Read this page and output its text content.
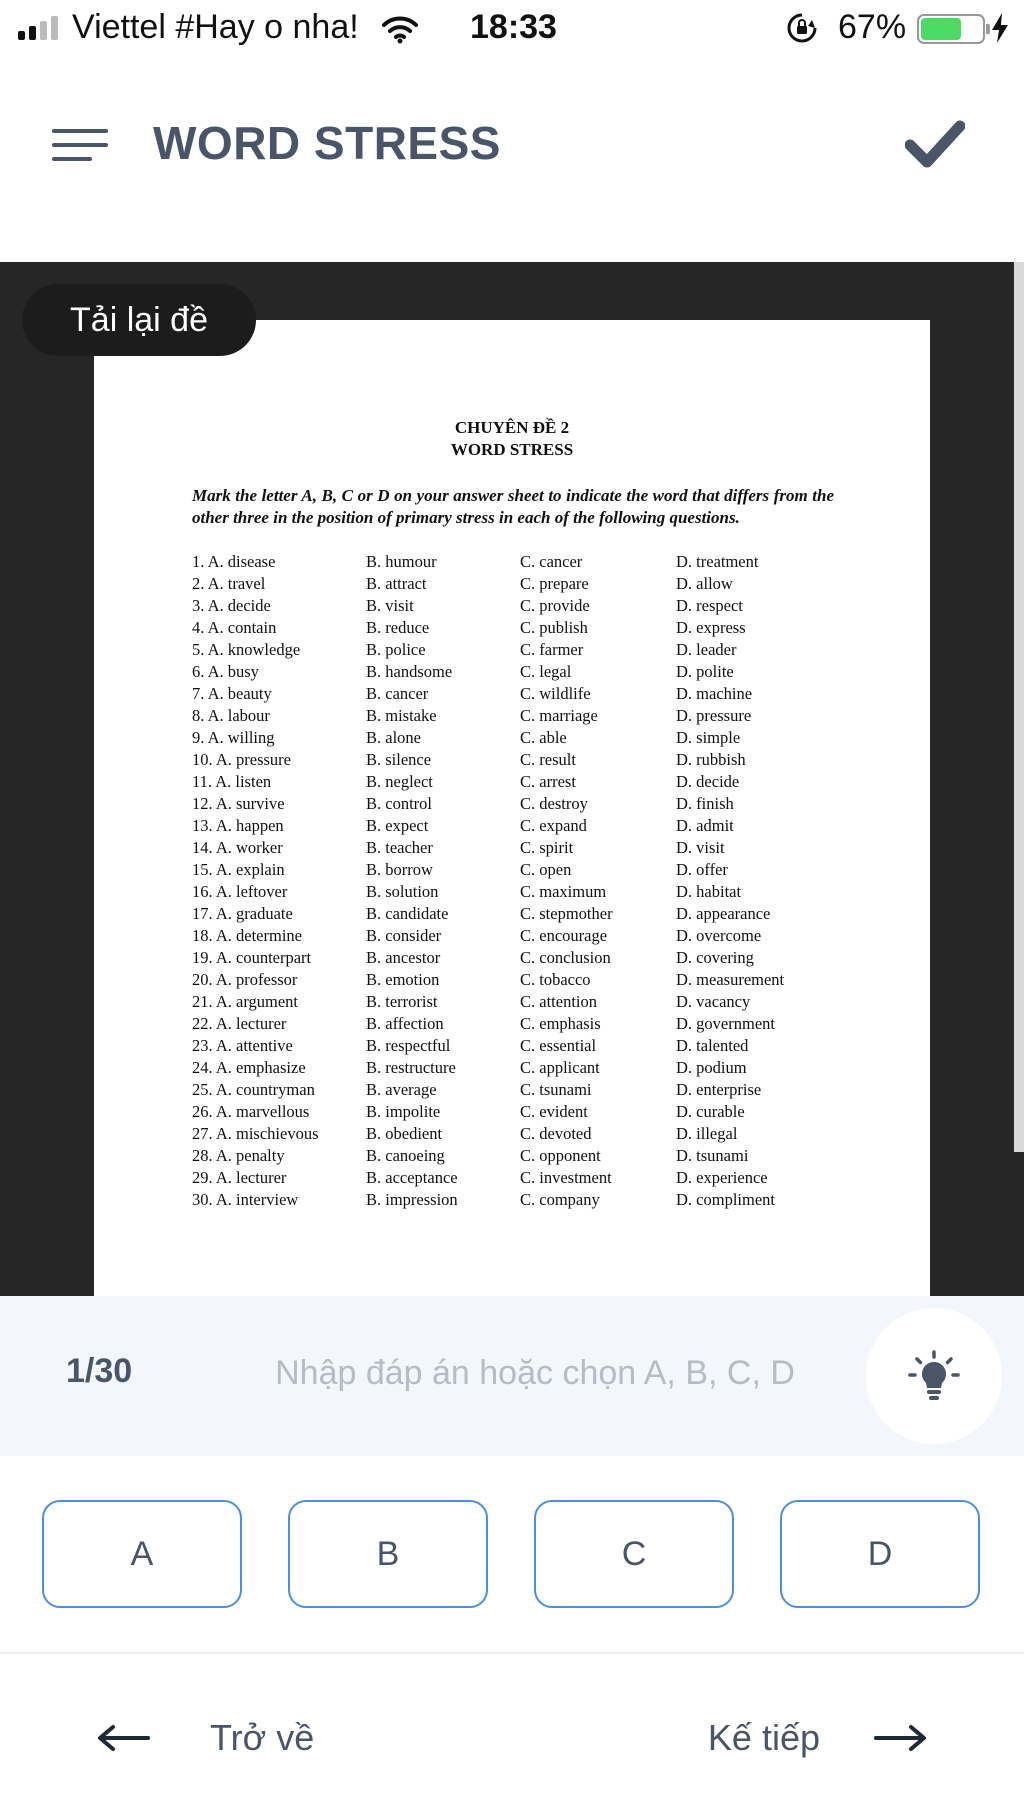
Viettel #Hay o nha!	18:33	67%
WORD STRESS
CHUYÊN ĐỀ 2
WORD STRESS
Mark the letter A, B, C or D on your answer sheet to indicate the word that differs from the other three in the position of primary stress in each of the following questions.
1. A. disease	B. humour	C. cancer	D. treatment
2. A. travel	B. attract	C. prepare	D. allow
3. A. decide	B. visit	C. provide	D. respect
4. A. contain	B. reduce	C. publish	D. express
5. A. knowledge	B. police	C. farmer	D. leader
6. A. busy	B. handsome	C. legal	D. polite
7. A. beauty	B. cancer	C. wildlife	D. machine
8. A. labour	B. mistake	C. marriage	D. pressure
9. A. willing	B. alone	C. able	D. simple
10. A. pressure	B. silence	C. result	D. rubbish
11. A. listen	B. neglect	C. arrest	D. decide
12. A. survive	B. control	C. destroy	D. finish
13. A. happen	B. expect	C. expand	D. admit
14. A. worker	B. teacher	C. spirit	D. visit
15. A. explain	B. borrow	C. open	D. offer
16. A. leftover	B. solution	C. maximum	D. habitat
17. A. graduate	B. candidate	C. stepmother	D. appearance
18. A. determine	B. consider	C. encourage	D. overcome
19. A. counterpart	B. ancestor	C. conclusion	D. covering
20. A. professor	B. emotion	C. tobacco	D. measurement
21. A. argument	B. terrorist	C. attention	D. vacancy
22. A. lecturer	B. affection	C. emphasis	D. government
23. A. attentive	B. respectful	C. essential	D. talented
24. A. emphasize	B. restructure	C. applicant	D. podium
25. A. countryman	B. average	C. tsunami	D. enterprise
26. A. marvellous	B. impolite	C. evident	D. curable
27. A. mischievous	B. obedient	C. devoted	D. illegal
28. A. penalty	B. canoeing	C. opponent	D. tsunami
29. A. lecturer	B. acceptance	C. investment	D. experience
30. A. interview	B. impression	C. company	D. compliment
Tải lại đề
1/30
Nhập đáp án hoặc chọn A, B, C, D
A	B	C	D
Trở về	Kế tiếp
